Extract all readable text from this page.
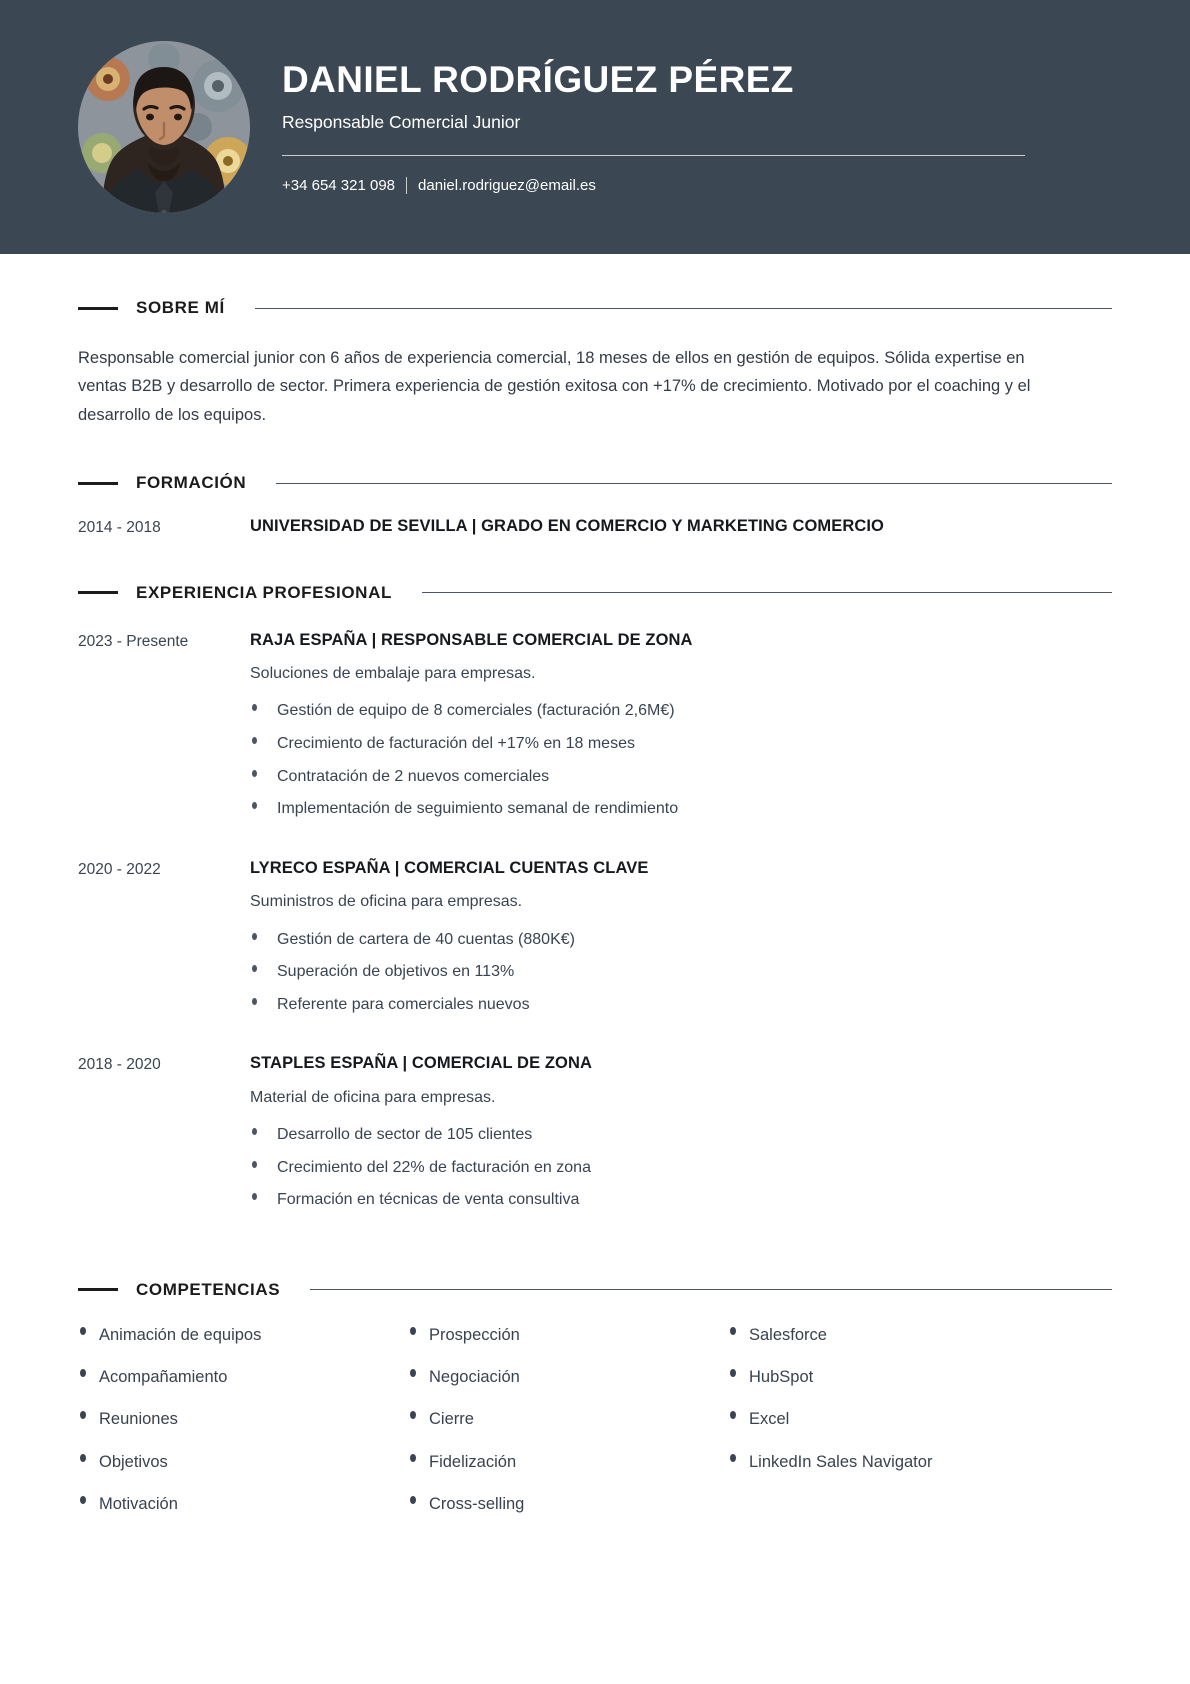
DANIEL RODRÍGUEZ PÉREZ
Responsable Comercial Junior
+34 654 321 098 daniel.rodriguez@email.es
SOBRE MÍ

Responsable comercial junior con 6 años de experiencia comercial, 18 meses de ellos en gestión de equipos. Sólida expertise en ventas B2B y desarrollo de sector. Primera experiencia de gestión exitosa con +17% de crecimiento. Motivado por el coaching y el desarrollo de los equipos.

FORMACIÓN
2014 - 2018	UNIVERSIDAD DE SEVILLA | GRADO EN COMERCIO Y MARKETING COMERCIO
EXPERIENCIA PROFESIONAL
2023 - Presente	RAJA ESPAÑA | RESPONSABLE COMERCIAL DE ZONA
Soluciones de embalaje para empresas.
Gestión de equipo de 8 comerciales (facturación 2,6M€)
Crecimiento de facturación del +17% en 18 meses
Contratación de 2 nuevos comerciales
Implementación de seguimiento semanal de rendimiento
2020 - 2022	LYRECO ESPAÑA | COMERCIAL CUENTAS CLAVE
Suministros de oficina para empresas.
Gestión de cartera de 40 cuentas (880K€)
Superación de objetivos en 113%
Referente para comerciales nuevos
2018 - 2020	STAPLES ESPAÑA | COMERCIAL DE ZONA
Material de oficina para empresas.
Desarrollo de sector de 105 clientes
Crecimiento del 22% de facturación en zona
Formación en técnicas de venta consultiva
COMPETENCIAS
Animación de equipos
Acompañamiento
Reuniones
Objetivos
Motivación
Prospección
Negociación
Cierre
Fidelización
Cross-selling
Salesforce
HubSpot
Excel
LinkedIn Sales Navigator
